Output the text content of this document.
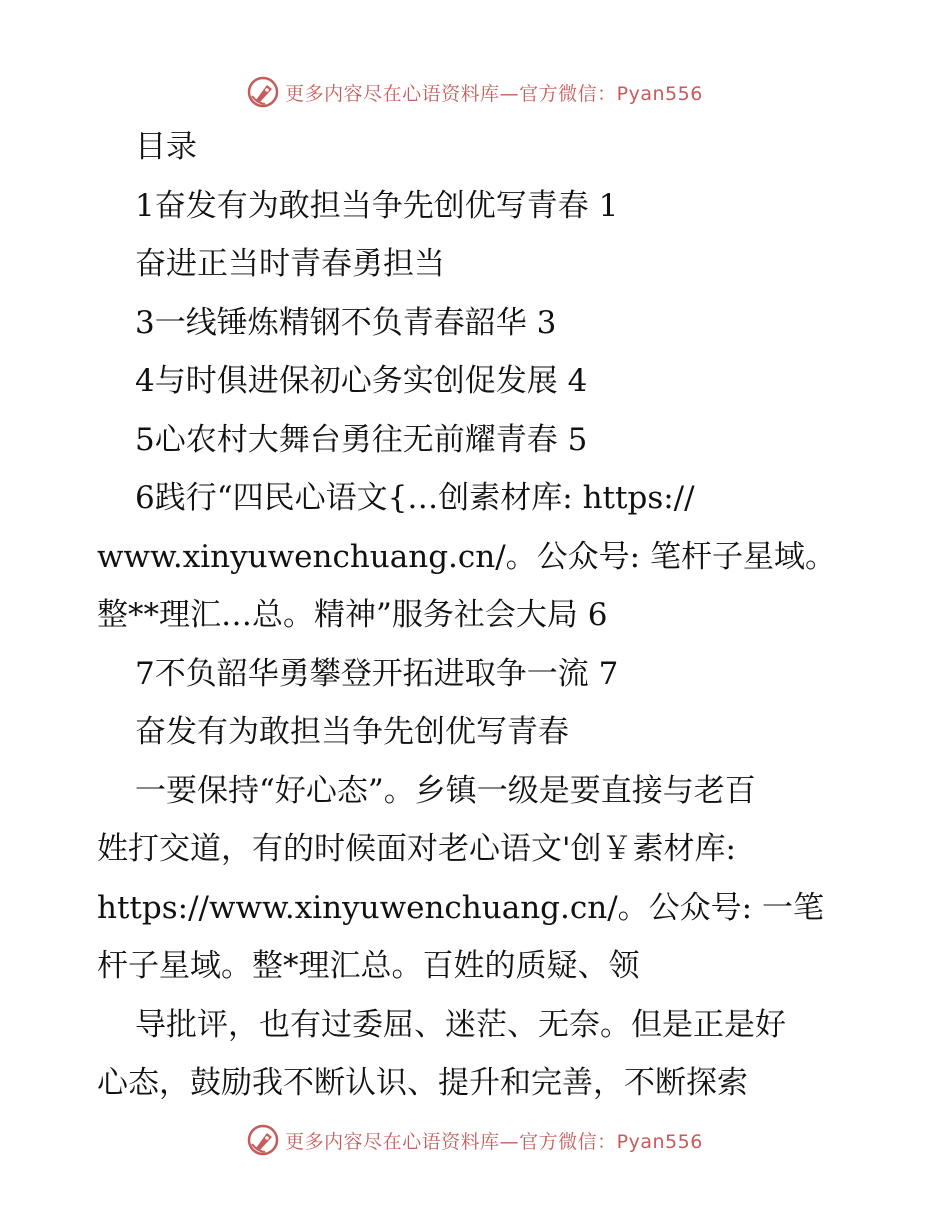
更多内容尽在心语资料库—官方微信：Pyan556
目录
1奋发有为敢担当争先创优写青春 1
奋进正当时青春勇担当
3一线锤炼精钢不负青春韶华 3
4与时俱进保初心务实创促发展 4
5心农村大舞台勇往无前耀青春 5
6践行“四民心语文{…创素材库: https://
www.xinyuwenchuang.cn/。公众号: 笔杆子星域。
整**理汇…总。精神”服务社会大局 6
7不负韶华勇攀登开拓进取争一流 7
奋发有为敢担当争先创优写青春
一要保持“好心态”。乡镇一级是要直接与老百
姓打交道，有的时候面对老心语文'创￥素材库:
https://www.xinyuwenchuang.cn/。公众号: 一笔
杆子星域。整*理汇总。百姓的质疑、领
导批评，也有过委屈、迷茫、无奈。但是正是好
心态，鼓励我不断认识、提升和完善，不断探索
更多内容尽在心语资料库—官方微信：Pyan556
